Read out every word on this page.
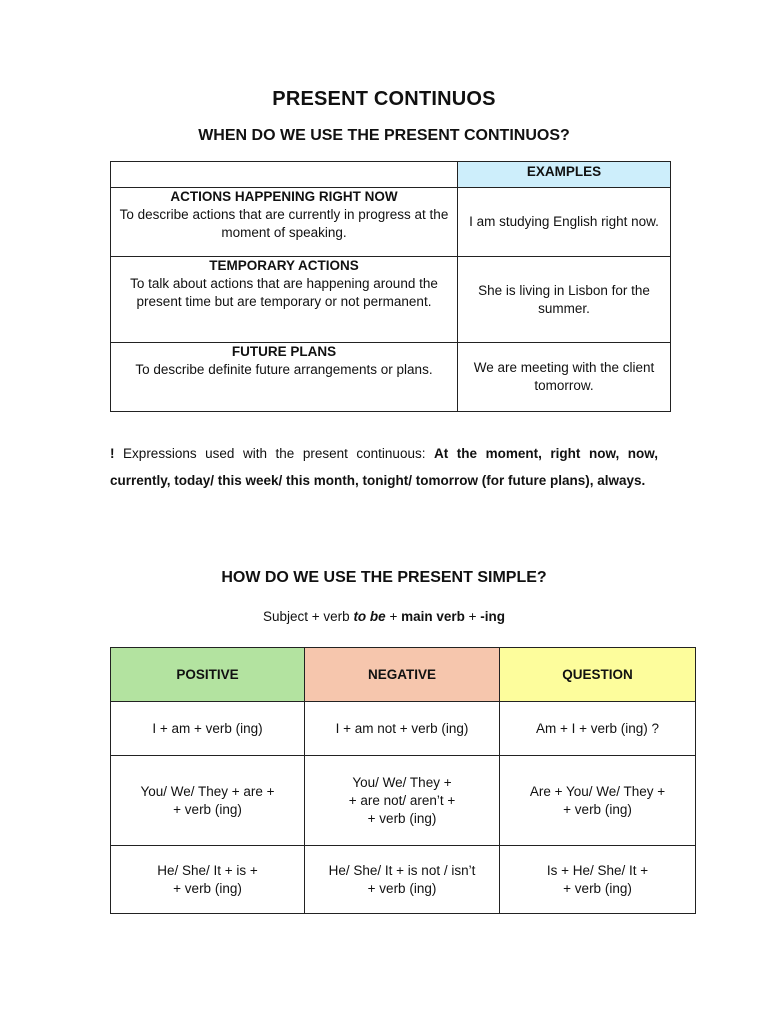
PRESENT CONTINUOS
WHEN DO WE USE THE PRESENT CONTINUOS?
	EXAMPLES

ACTIONS HAPPENING RIGHT NOW
To describe actions that are currently in progress at the moment of speaking.	I am studying English right now.

TEMPORARY ACTIONS
To talk about actions that are happening around the present time but are temporary or not permanent.	She is living in Lisbon for the summer.

FUTURE PLANS
To describe definite future arrangements or plans.	We are meeting with the client tomorrow.
! Expressions used with the present continuous: At the moment, right now, now, currently, today/ this week/ this month, tonight/ tomorrow (for future plans), always.
HOW DO WE USE THE PRESENT SIMPLE?
Subject + verb to be + main verb + -ing
POSITIVE	NEGATIVE	QUESTION

I + am + verb (ing)	I + am not + verb (ing)	Am + I + verb (ing) ?

You/ We/ They + are +
+ verb (ing)	You/ We/ They +
+ are not/ aren’t +
+ verb (ing)	Are + You/ We/ They +
+ verb (ing)

He/ She/ It + is +
+ verb (ing)	He/ She/ It + is not / isn’t
+ verb (ing)	Is + He/ She/ It +
+ verb (ing)
